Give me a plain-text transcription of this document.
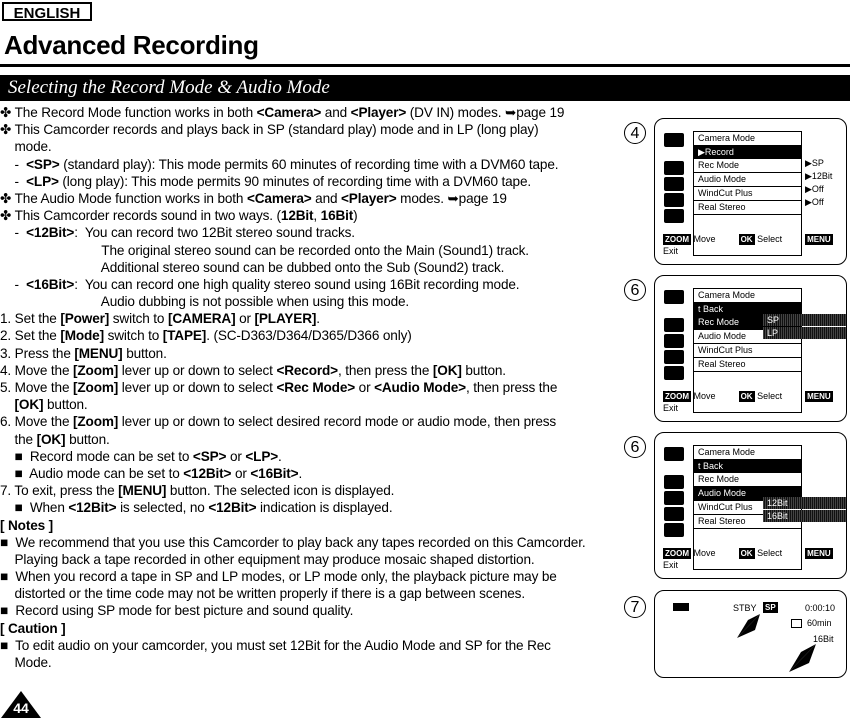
ENGLISH
Advanced Recording
Selecting the Record Mode & Audio Mode
✤ The Record Mode function works in both <Camera> and <Player> (DV IN) modes. ➥page 19
✤ This Camcorder records and plays back in SP (standard play) mode and in LP (long play)
mode.
-  <SP> (standard play): This mode permits 60 minutes of recording time with a DVM60 tape.
-  <LP> (long play): This mode permits 90 minutes of recording time with a DVM60 tape.
✤ The Audio Mode function works in both <Camera> and <Player> modes. ➥page 19
✤ This Camcorder records sound in two ways. (12Bit, 16Bit)
-  <12Bit>:  You can record two 12Bit stereo sound tracks.
The original stereo sound can be recorded onto the Main (Sound1) track.
Additional stereo sound can be dubbed onto the Sub (Sound2) track.
-  <16Bit>:  You can record one high quality stereo sound using 16Bit recording mode.
Audio dubbing is not possible when using this mode.
1. Set the [Power] switch to [CAMERA] or [PLAYER].
2. Set the [Mode] switch to [TAPE]. (SC-D363/D364/D365/D366 only)
3. Press the [MENU] button.
4. Move the [Zoom] lever up or down to select <Record>, then press the [OK] button.
5. Move the [Zoom] lever up or down to select <Rec Mode> or <Audio Mode>, then press the
[OK] button.
6. Move the [Zoom] lever up or down to select desired record mode or audio mode, then press
the [OK] button.
■  Record mode can be set to <SP> or <LP>.
■  Audio mode can be set to <12Bit> or <16Bit>.
7. To exit, press the [MENU] button. The selected icon is displayed.
■  When <12Bit> is selected, no <12Bit> indication is displayed.
[ Notes ]
■  We recommend that you use this Camcorder to play back any tapes recorded on this Camcorder.
Playing back a tape recorded in other equipment may produce mosaic shaped distortion.
■  When you record a tape in SP and LP modes, or LP mode only, the playback picture may be
distorted or the time code may not be written properly if there is a gap between scenes.
■  Record using SP mode for best picture and sound quality.
[ Caution ]
■  To edit audio on your camcorder, you must set 12Bit for the Audio Mode and SP for the Rec
Mode.
4	Camera Mode
▶Record
Rec Mode
Audio Mode
WindCut Plus
Real Stereo
▶SP
▶12Bit
▶Off
▶Off
ZOOM Move	OK Select	MENU Exit
6	Camera Mode
t Back
Rec Mode
Audio Mode
WindCut Plus
Real Stereo
SP
LP
ZOOM Move	OK Select	MENU Exit
6	Camera Mode
t Back
Rec Mode
Audio Mode
WindCut Plus
Real Stereo
12Bit
16Bit
ZOOM Move	OK Select	MENU Exit
7	STBY SP	0:00:10
60min
16Bit
44
